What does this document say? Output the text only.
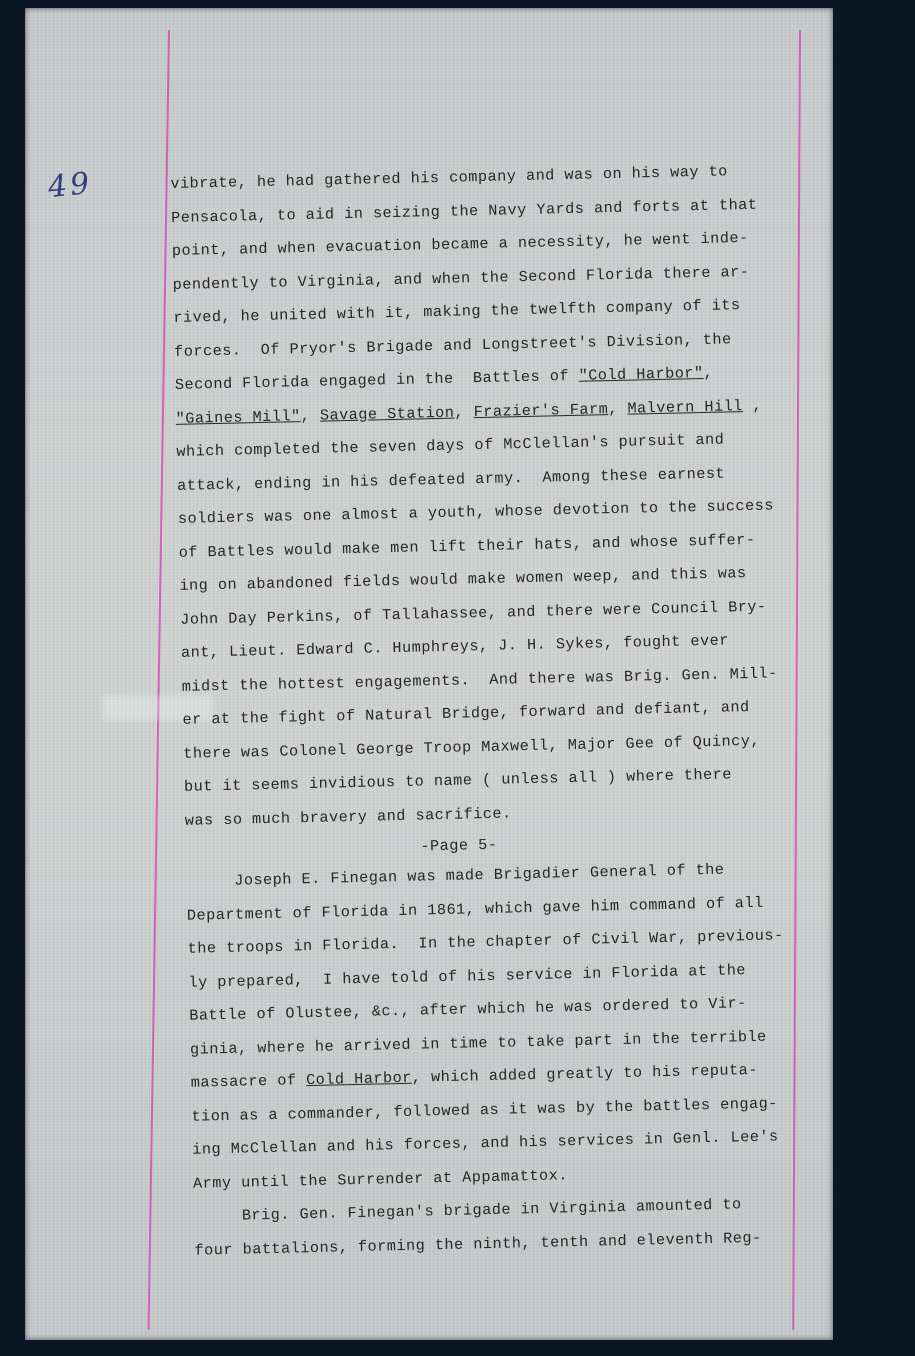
49	vibrate, he had gathered his company and was on his way to
Pensacola, to aid in seizing the Navy Yards and forts at that
point, and when evacuation became a necessity, he went inde-
pendently to Virginia, and when the Second Florida there ar-
rived, he united with it, making the twelfth company of its
forces.  Of Pryor's Brigade and Longstreet's Division, the
Second Florida engaged in the  Battles of "Cold Harbor",
"Gaines Mill", Savage Station, Frazier's Farm, Malvern Hill ,
which completed the seven days of McClellan's pursuit and
attack, ending in his defeated army.  Among these earnest
soldiers was one almost a youth, whose devotion to the success
of Battles would make men lift their hats, and whose suffer-
ing on abandoned fields would make women weep, and this was
John Day Perkins, of Tallahassee, and there were Council Bry-
ant, Lieut. Edward C. Humphreys, J. H. Sykes, fought ever
midst the hottest engagements.  And there was Brig. Gen. Mill-
er at the fight of Natural Bridge, forward and defiant, and
there was Colonel George Troop Maxwell, Major Gee of Quincy,
but it seems invidious to name ( unless all ) where there
was so much bravery and sacrifice.
-Page 5-
Joseph E. Finegan was made Brigadier General of the
Department of Florida in 1861, which gave him command of all
the troops in Florida.  In the chapter of Civil War, previous-
ly prepared,  I have told of his service in Florida at the
Battle of Olustee, &c., after which he was ordered to Vir-
ginia, where he arrived in time to take part in the terrible
massacre of Cold Harbor, which added greatly to his reputa-
tion as a commander, followed as it was by the battles engag-
ing McClellan and his forces, and his services in Genl. Lee's
Army until the Surrender at Appamattox.
Brig. Gen. Finegan's brigade in Virginia amounted to
four battalions, forming the ninth, tenth and eleventh Reg-
